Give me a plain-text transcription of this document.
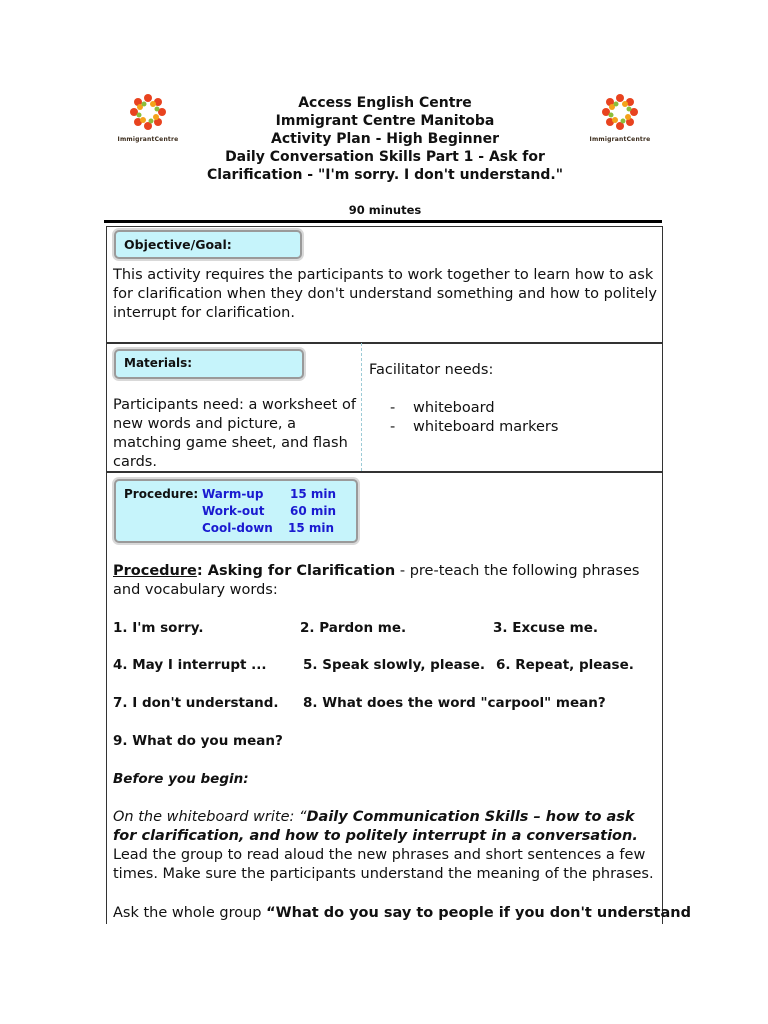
ImmigrantCentre	ImmigrantCentre
Access English Centre
Immigrant Centre Manitoba
Activity Plan - High Beginner
Daily Conversation Skills Part 1 - Ask for
Clarification - "I'm sorry. I don't understand."
90 minutes
Objective/Goal:
This activity requires the participants to work together to learn how to ask for clarification when they don't understand something and how to politely interrupt for clarification.
Materials:
Participants need: a worksheet of new words and picture, a matching game sheet, and flash cards.
Facilitator needs:
- whiteboard
- whiteboard markers
Procedure: Warm-up 15 min
Work-out 60 min
Cool-down 15 min
Procedure: Asking for Clarification - pre-teach the following phrases and vocabulary words:
1. I'm sorry.	2. Pardon me.	3. Excuse me.
4. May I interrupt ...	5. Speak slowly, please. 6. Repeat, please.
7. I don't understand. 8. What does the word "carpool" mean?
9. What do you mean?
Before you begin:
On the whiteboard write: “Daily Communication Skills – how to ask for clarification, and how to politely interrupt in a conversation. Lead the group to read aloud the new phrases and short sentences a few times. Make sure the participants understand the meaning of the phrases.
Ask the whole group “What do you say to people if you don't understand
